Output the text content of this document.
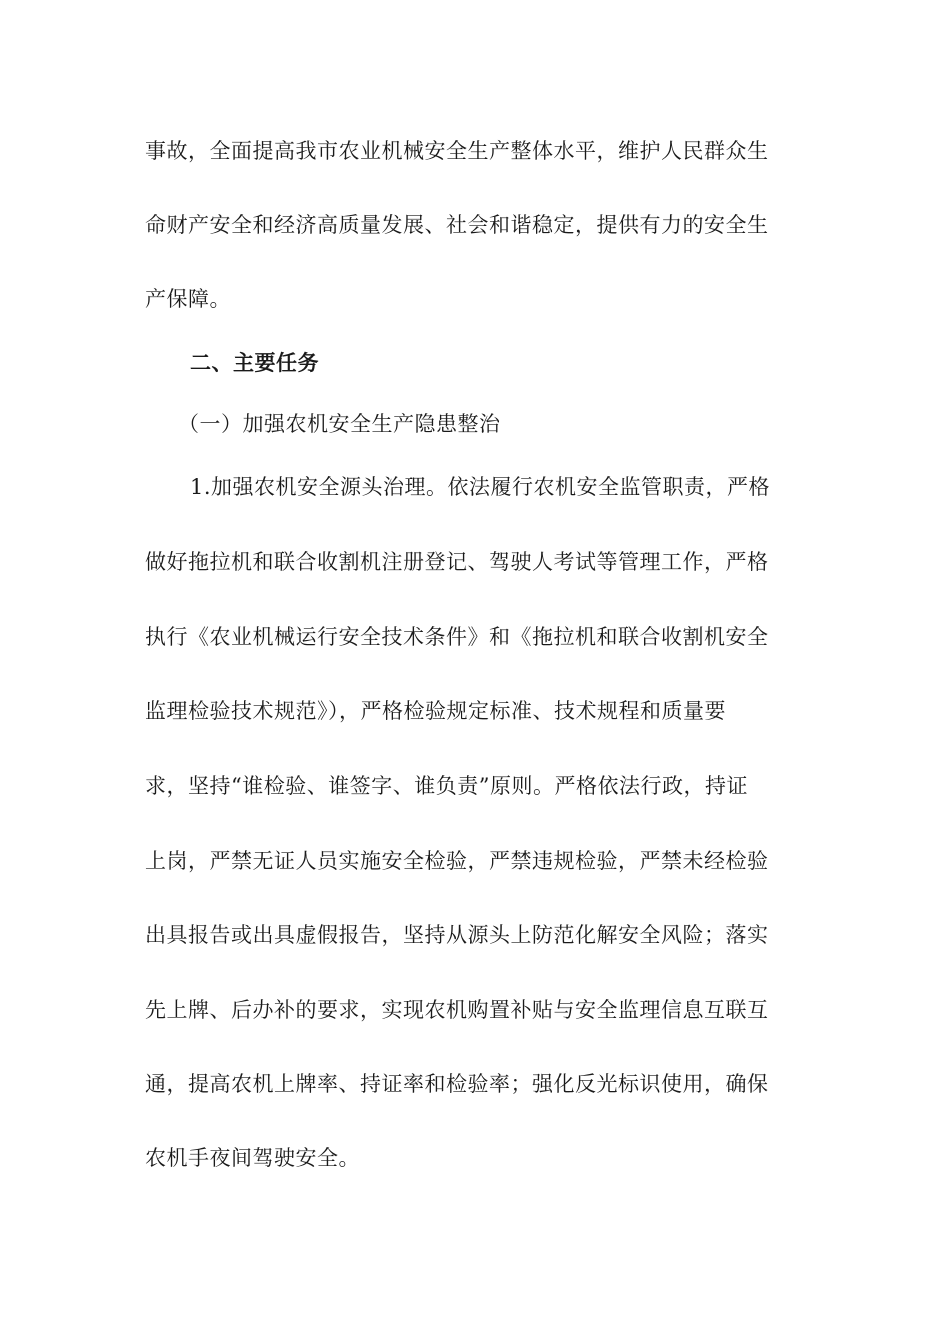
事故，全面提高我市农业机械安全生产整体水平，维护人民群众生
命财产安全和经济高质量发展、社会和谐稳定，提供有力的安全生
产保障。
二、主要任务
（一）加强农机安全生产隐患整治
1.加强农机安全源头治理。依法履行农机安全监管职责，严格
做好拖拉机和联合收割机注册登记、驾驶人考试等管理工作，严格
执行《农业机械运行安全技术条件》和《拖拉机和联合收割机安全
监理检验技术规范》），严格检验规定标准、技术规程和质量要
求，坚持“谁检验、谁签字、谁负责”原则。严格依法行政，持证
上岗，严禁无证人员实施安全检验，严禁违规检验，严禁未经检验
出具报告或出具虚假报告，坚持从源头上防范化解安全风险；落实
先上牌、后办补的要求，实现农机购置补贴与安全监理信息互联互
通，提高农机上牌率、持证率和检验率；强化反光标识使用，确保
农机手夜间驾驶安全。
